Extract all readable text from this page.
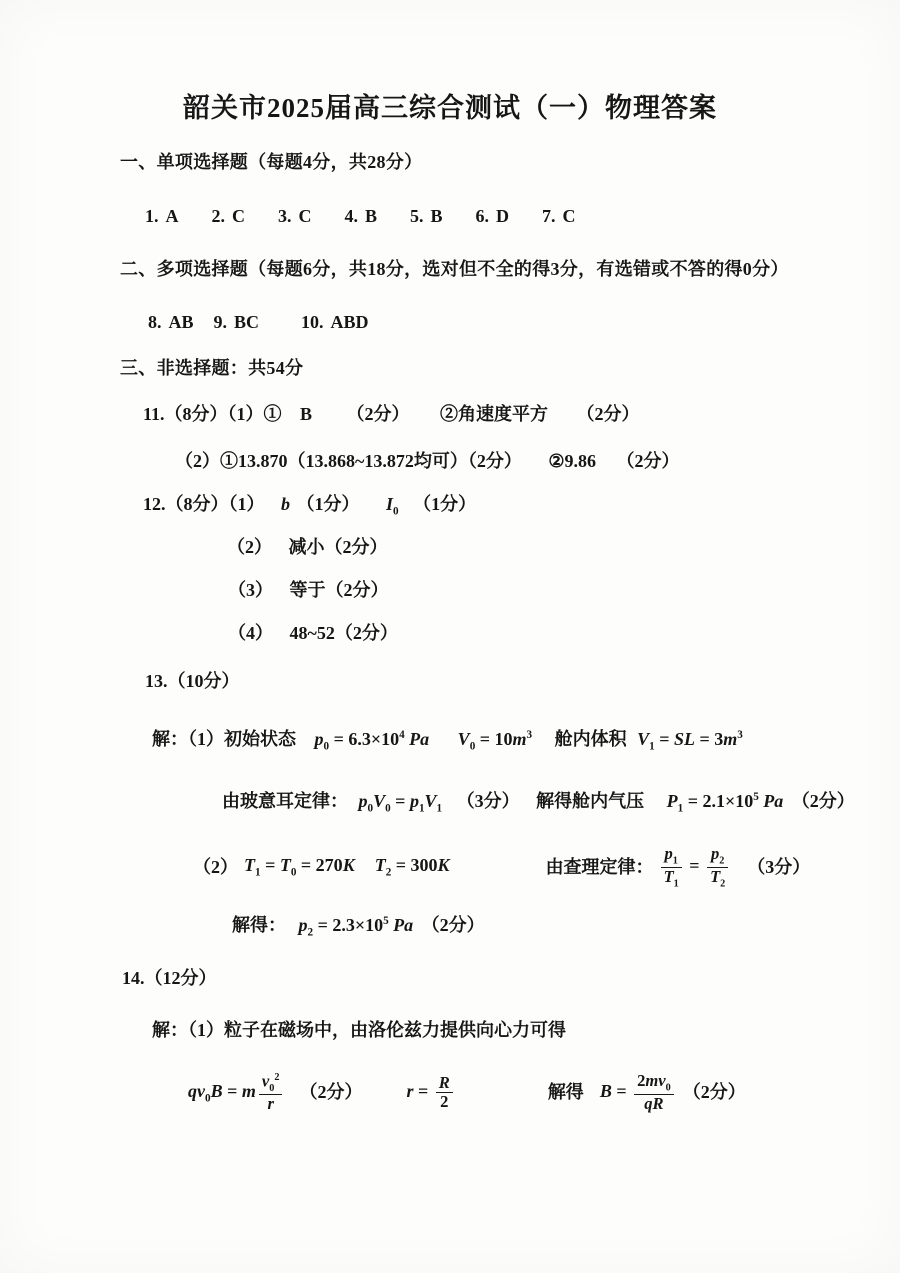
韶关市2025届高三综合测试（一）物理答案
一、单项选择题（每题4分，共28分）
1. A 2. C 3. C 4. B 5. B 6. D 7. C
二、多项选择题（每题6分，共18分，选对但不全的得3分，有选错或不答的得0分）
8. AB 9. BC 10. ABD
三、非选择题：共54分
11.（8分）（1）① B （2分） ②角速度平方 （2分）
（2）①13.870（13.868~13.872均可）（2分） ②9.86 （2分）
12.（8分）（1） b （1分） $I_0$ （1分）
（2） 减小（2分）
（3） 等于（2分）
（4） 48~52（2分）
13.（10分）
解：（1）初始状态 $p_0 = 6.3\times 10^4$ Pa $V_0 = 10m^3$ 舱内体积 $V_1$ = SL = $3m^3$
由玻意耳定律： $p_0V_0 = p_1V_1$ （3分） 解得舱内气压 $P_1 = 2.1\times 10^5$ Pa （2分）
（2） $T_1 = T_0 = 270K$ $T_2 = 300K$	由查理定律： $\frac{p_1}{T_1} = \frac{p_2}{T_2} (3$分）
解得： $p_2 = 2.3\times 10^5$ Pa （2分）
14.（12分）
解：（1）粒子在磁场中，由洛伦兹力提供向心力可得
$qv_0B = m \frac{v_0^2}{r} (2$分） $r = \frac{R}{2}$	解得 $B = \frac{2mv_0}{qR} (2$分）
